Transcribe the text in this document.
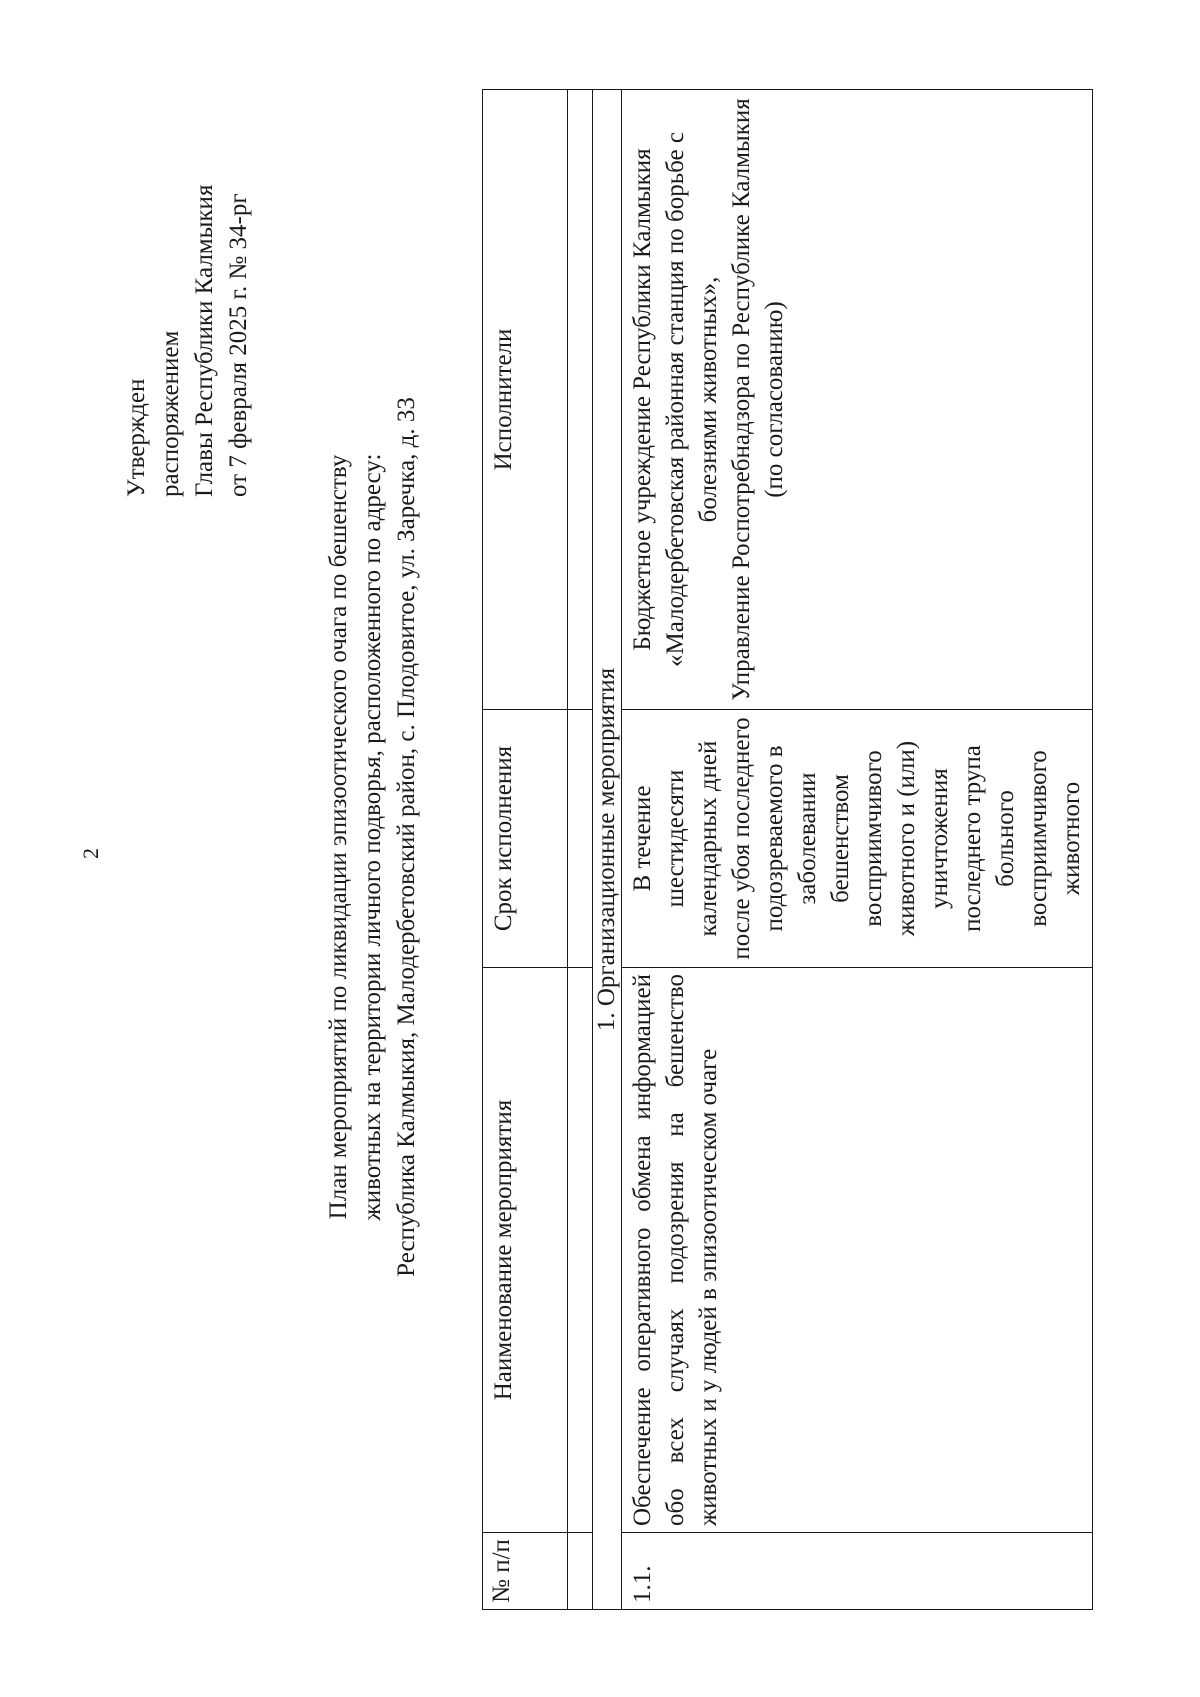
2
Утвержден распоряжением Главы Республики Калмыкия от 7 февраля 2025 г. № 34-рг
План мероприятий по ликвидации эпизоотического очага по бешенству животных на территории личного подворья, расположенного по адресу: Республика Калмыкия, Малодербетовский район, с. Плодовитое, ул. Заречка, д. 33
№ п/п	Наименование мероприятия	Срок исполнения	Исполнители

1. Организационные мероприятия			
1.1.	Обеспечение оперативного обмена информацией обо всех случаях подозрения на бешенство животных и у людей в эпизоотическом очаге	В течение шестидесяти календарных дней после убоя последнего подозреваемого в заболевании бешенством восприимчивого животного и (или) уничтожения последнего трупа больного восприимчивого животного	Бюджетное учреждение Республики Калмыкия «Малодербетовская районная станция по борьбе с болезнями животных», Управление Роспотребнадзора по Республике Калмыкия (по согласованию)
